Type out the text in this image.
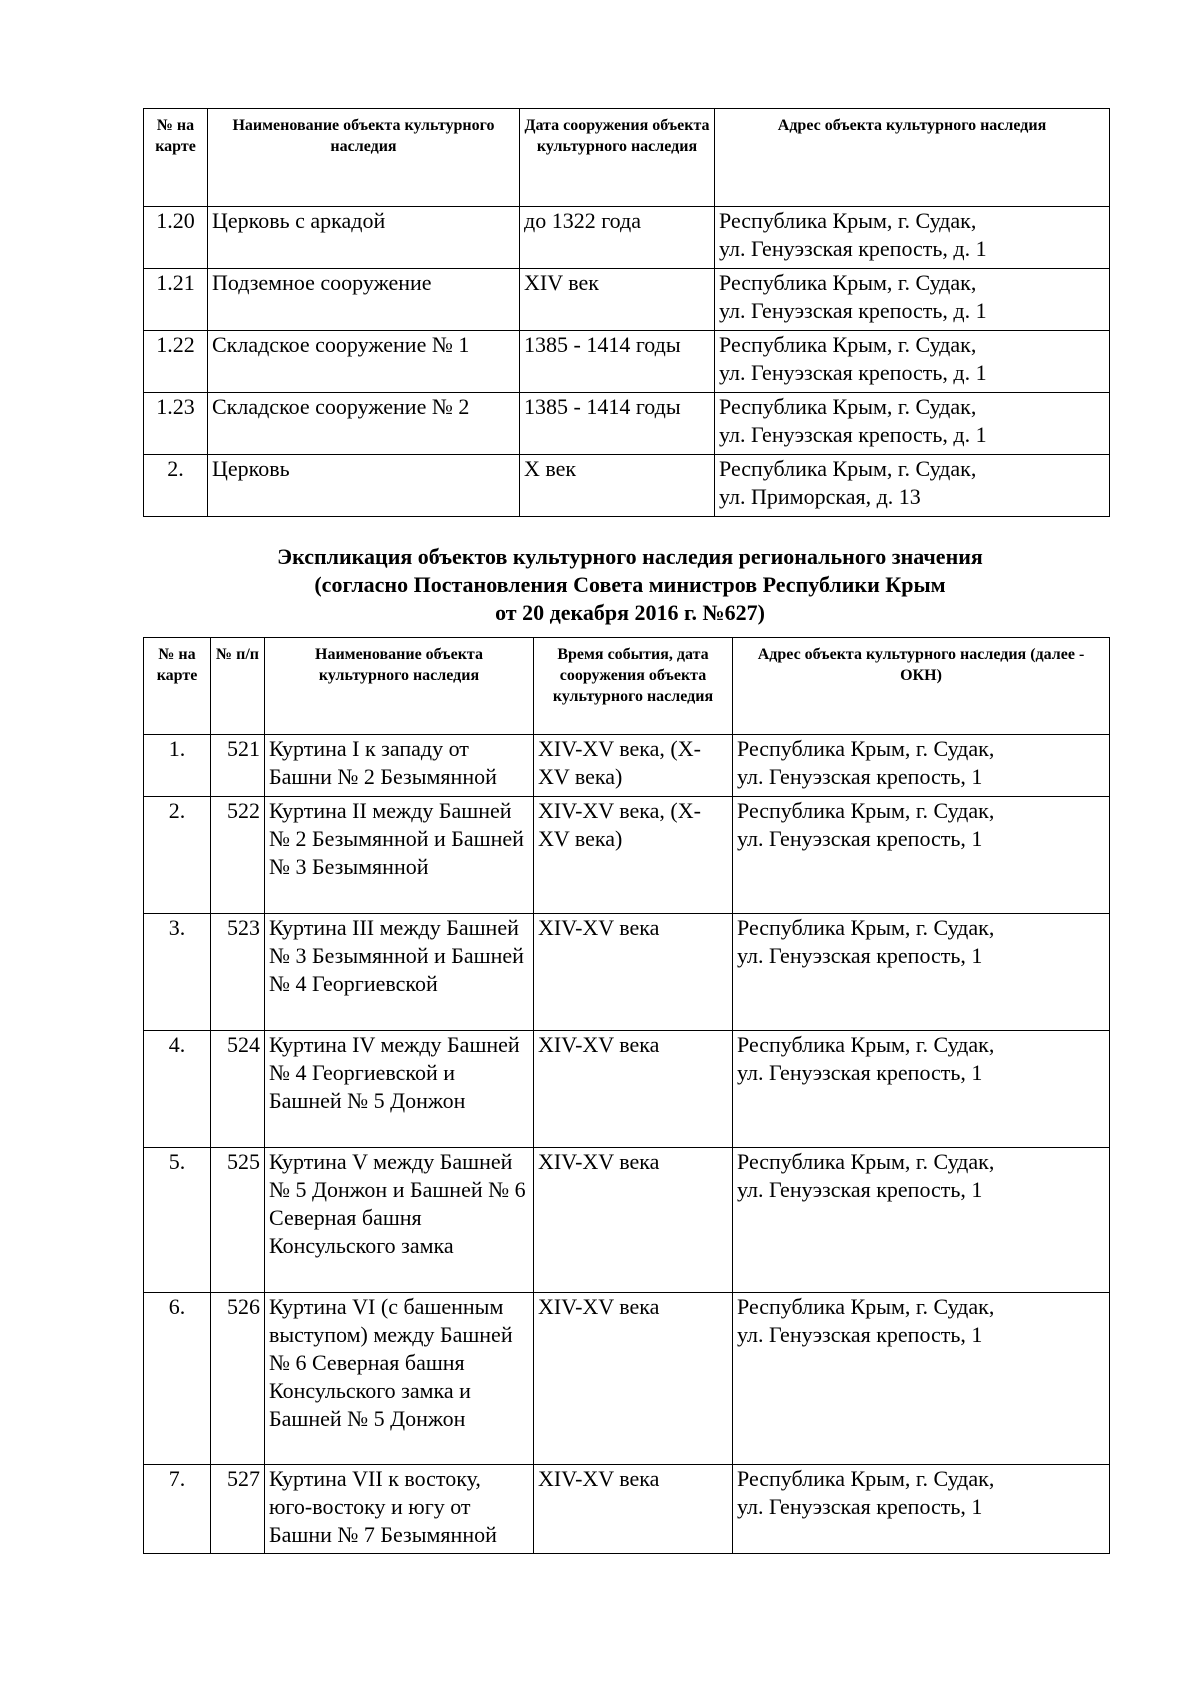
№ на карте	Наименование объекта культурного наследия	Дата сооружения объекта культурного наследия	Адрес объекта культурного наследия
1.20	Церковь с аркадой	до 1322 года	Республика Крым, г. Судак,
ул. Генуэзская крепость, д. 1
1.21	Подземное сооружение	XIV век	Республика Крым, г. Судак,
ул. Генуэзская крепость, д. 1
1.22	Складское сооружение № 1	1385 - 1414 годы	Республика Крым, г. Судак,
ул. Генуэзская крепость, д. 1
1.23	Складское сооружение № 2	1385 - 1414 годы	Республика Крым, г. Судак,
ул. Генуэзская крепость, д. 1
2.	Церковь	X век	Республика Крым, г. Судак,
ул. Приморская, д. 13
Экспликация объектов культурного наследия регионального значения
(согласно Постановления Совета министров Республики Крым
от 20 декабря 2016 г. №627)
№ на карте	№ п/п	Наименование объекта культурного наследия	Время события, дата сооружения объекта культурного наследия	Адрес объекта культурного наследия (далее - ОКН)
1.	521	Куртина I к западу от Башни № 2 Безымянной	XIV-XV века, (X-XV века)	Республика Крым, г. Судак,
ул. Генуэзская крепость, 1
2.	522	Куртина II между Башней № 2 Безымянной и Башней № 3 Безымянной	XIV-XV века, (X-XV века)	Республика Крым, г. Судак,
ул. Генуэзская крепость, 1
3.	523	Куртина III между Башней № 3 Безымянной и Башней № 4 Георгиевской	XIV-XV века	Республика Крым, г. Судак,
ул. Генуэзская крепость, 1
4.	524	Куртина IV между Башней № 4 Георгиевской и Башней № 5 Донжон	XIV-XV века	Республика Крым, г. Судак,
ул. Генуэзская крепость, 1
5.	525	Куртина V между Башней № 5 Донжон и Башней № 6 Северная башня Консульского замка	XIV-XV века	Республика Крым, г. Судак,
ул. Генуэзская крепость, 1
6.	526	Куртина VI (с башенным выступом) между Башней № 6 Северная башня Консульского замка и Башней № 5 Донжон	XIV-XV века	Республика Крым, г. Судак,
ул. Генуэзская крепость, 1
7.	527	Куртина VII к востоку, юго-востоку и югу от Башни № 7 Безымянной	XIV-XV века	Республика Крым, г. Судак,
ул. Генуэзская крепость, 1
